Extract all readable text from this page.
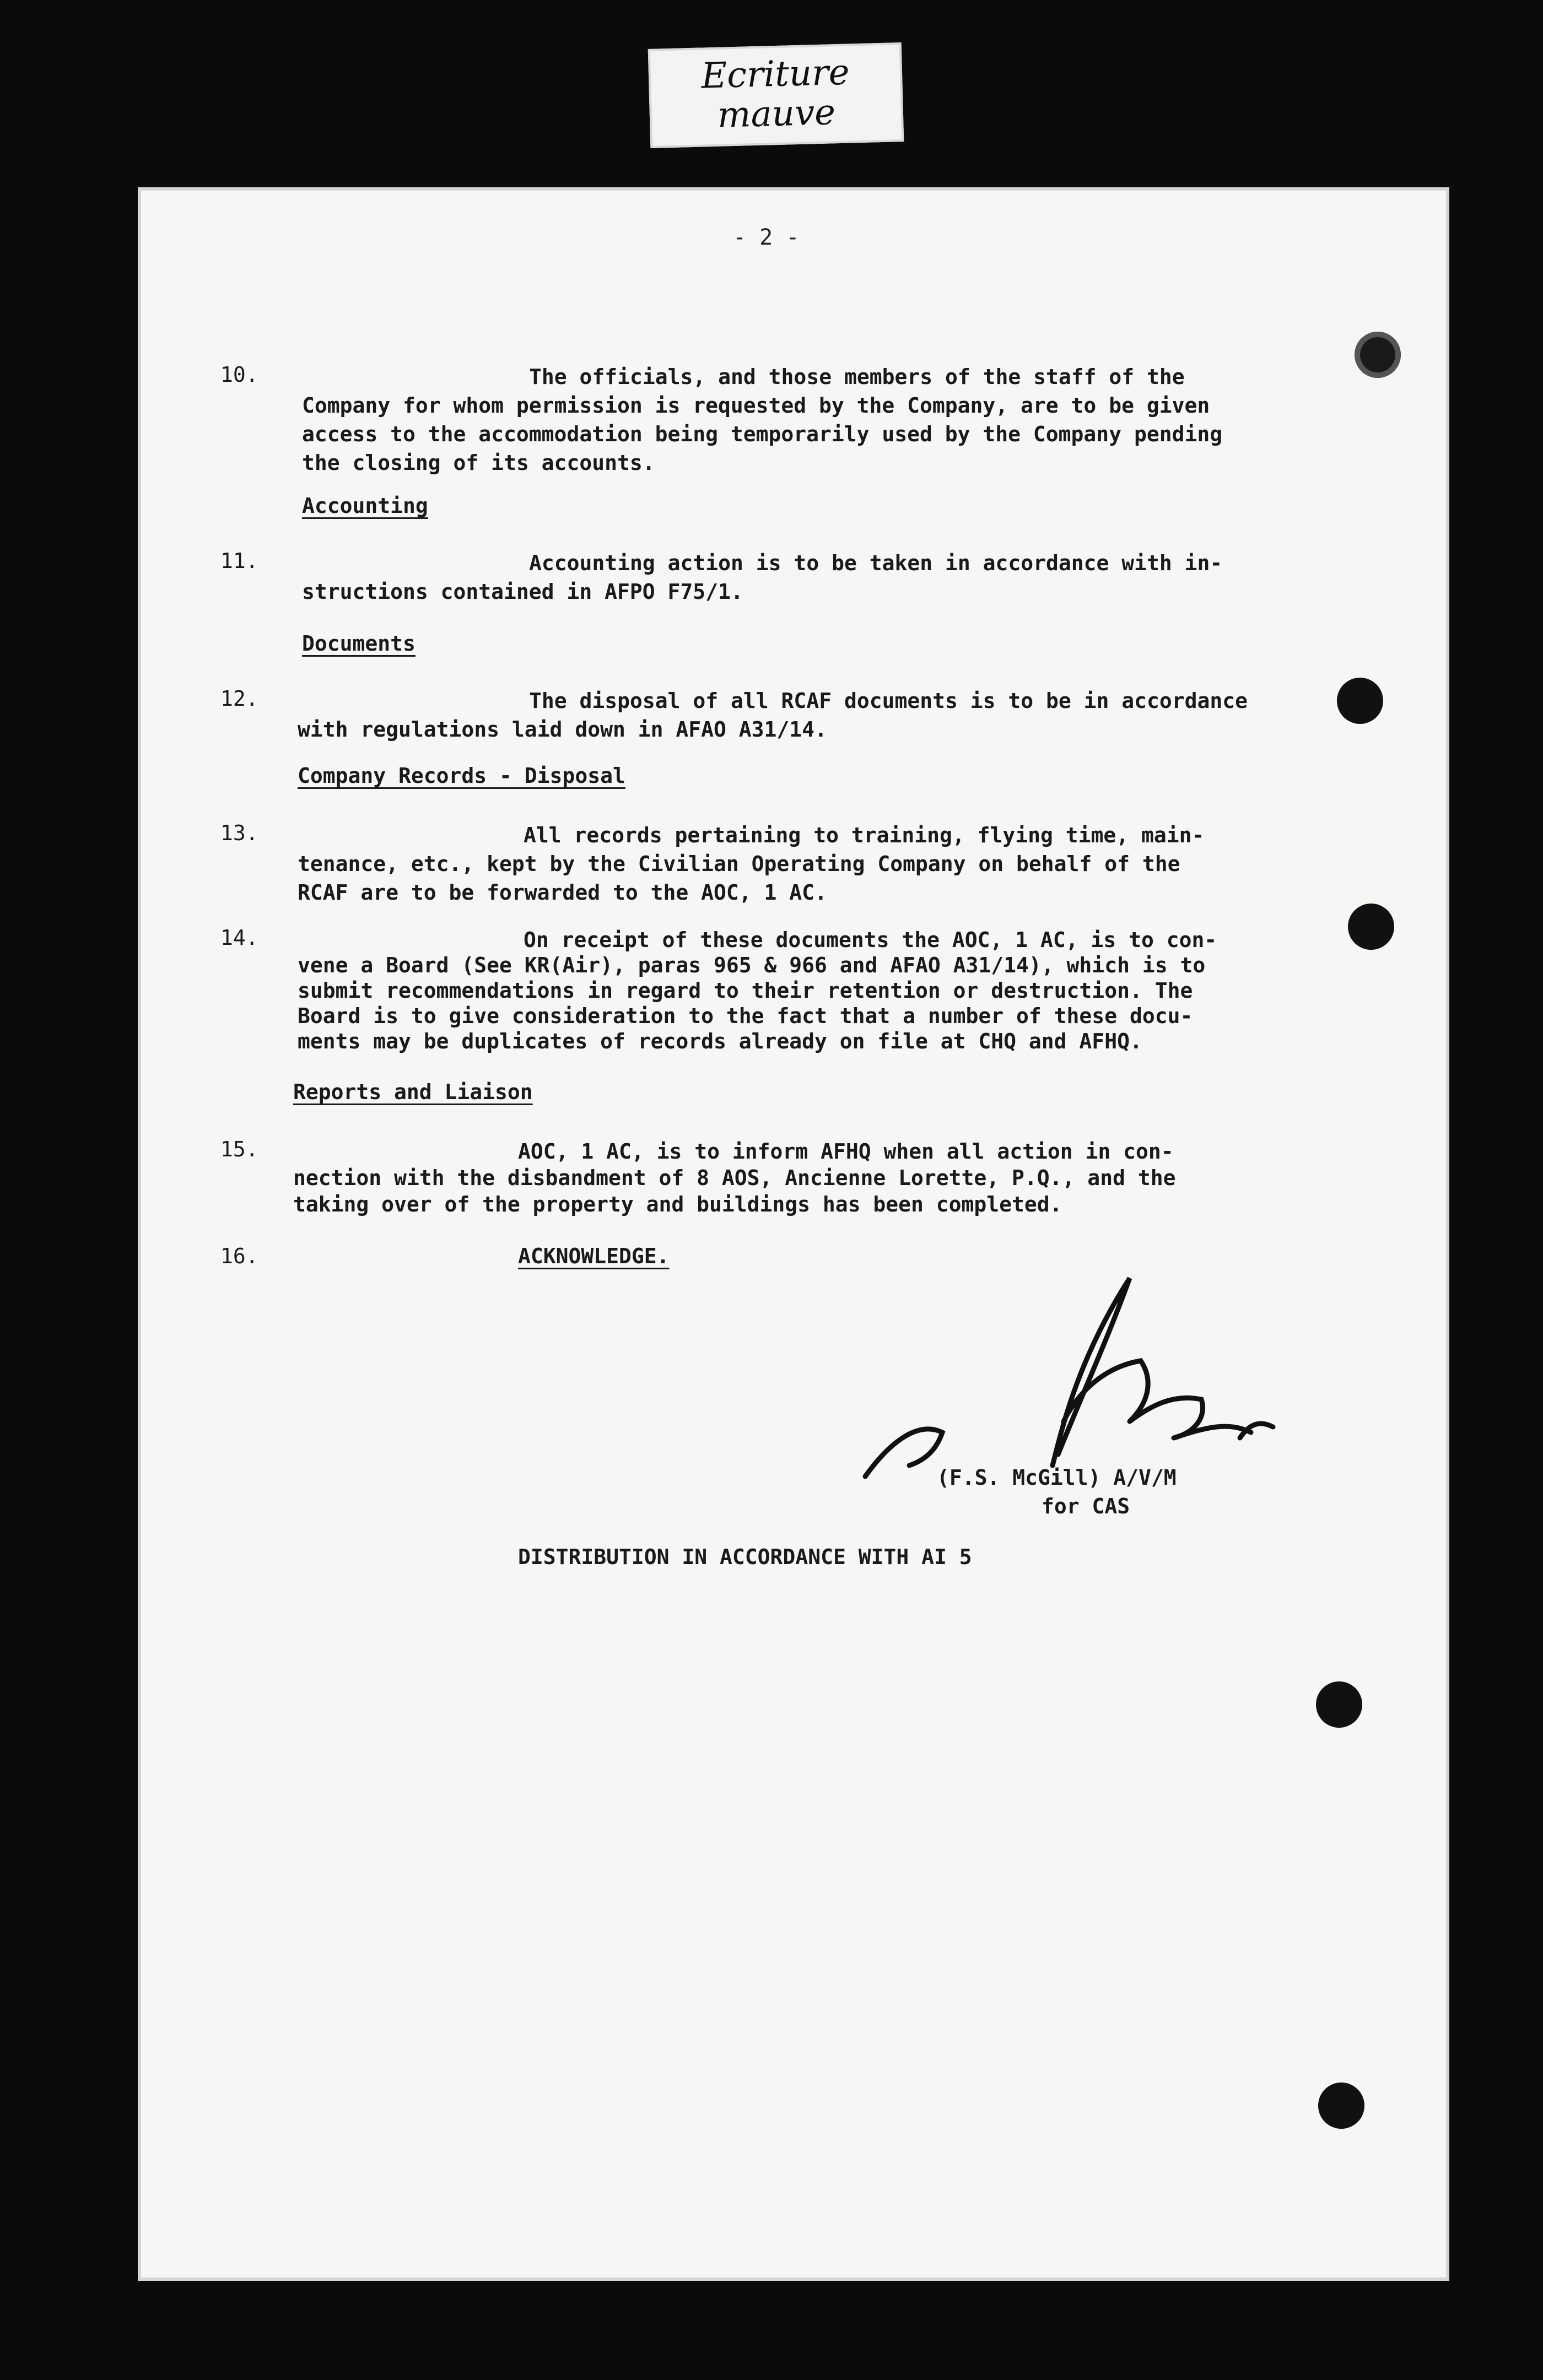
Ecriture
mauve
- 2 -
10.	The officials, and those members of the staff of the
Company for whom permission is requested by the Company, are to be given
access to the accommodation being temporarily used by the Company pending
the closing of its accounts.
Accounting
11.	Accounting action is to be taken in accordance with in-
structions contained in AFPO F75/1.
Documents
12.	The disposal of all RCAF documents is to be in accordance
with regulations laid down in AFAO A31/14.
Company Records - Disposal
13.	All records pertaining to training, flying time, main-
tenance, etc., kept by the Civilian Operating Company on behalf of the
RCAF are to be forwarded to the AOC, 1 AC.
14.	On receipt of these documents the AOC, 1 AC, is to con-
vene a Board (See KR(Air), paras 965 & 966 and AFAO A31/14), which is to
submit recommendations in regard to their retention or destruction. The
Board is to give consideration to the fact that a number of these docu-
ments may be duplicates of records already on file at CHQ and AFHQ.
Reports and Liaison
15.	AOC, 1 AC, is to inform AFHQ when all action in con-
nection with the disbandment of 8 AOS, Ancienne Lorette, P.Q., and the
taking over of the property and buildings has been completed.
16.	ACKNOWLEDGE.
(F.S. McGill) A/V/M
for CAS
DISTRIBUTION IN ACCORDANCE WITH AI 5
